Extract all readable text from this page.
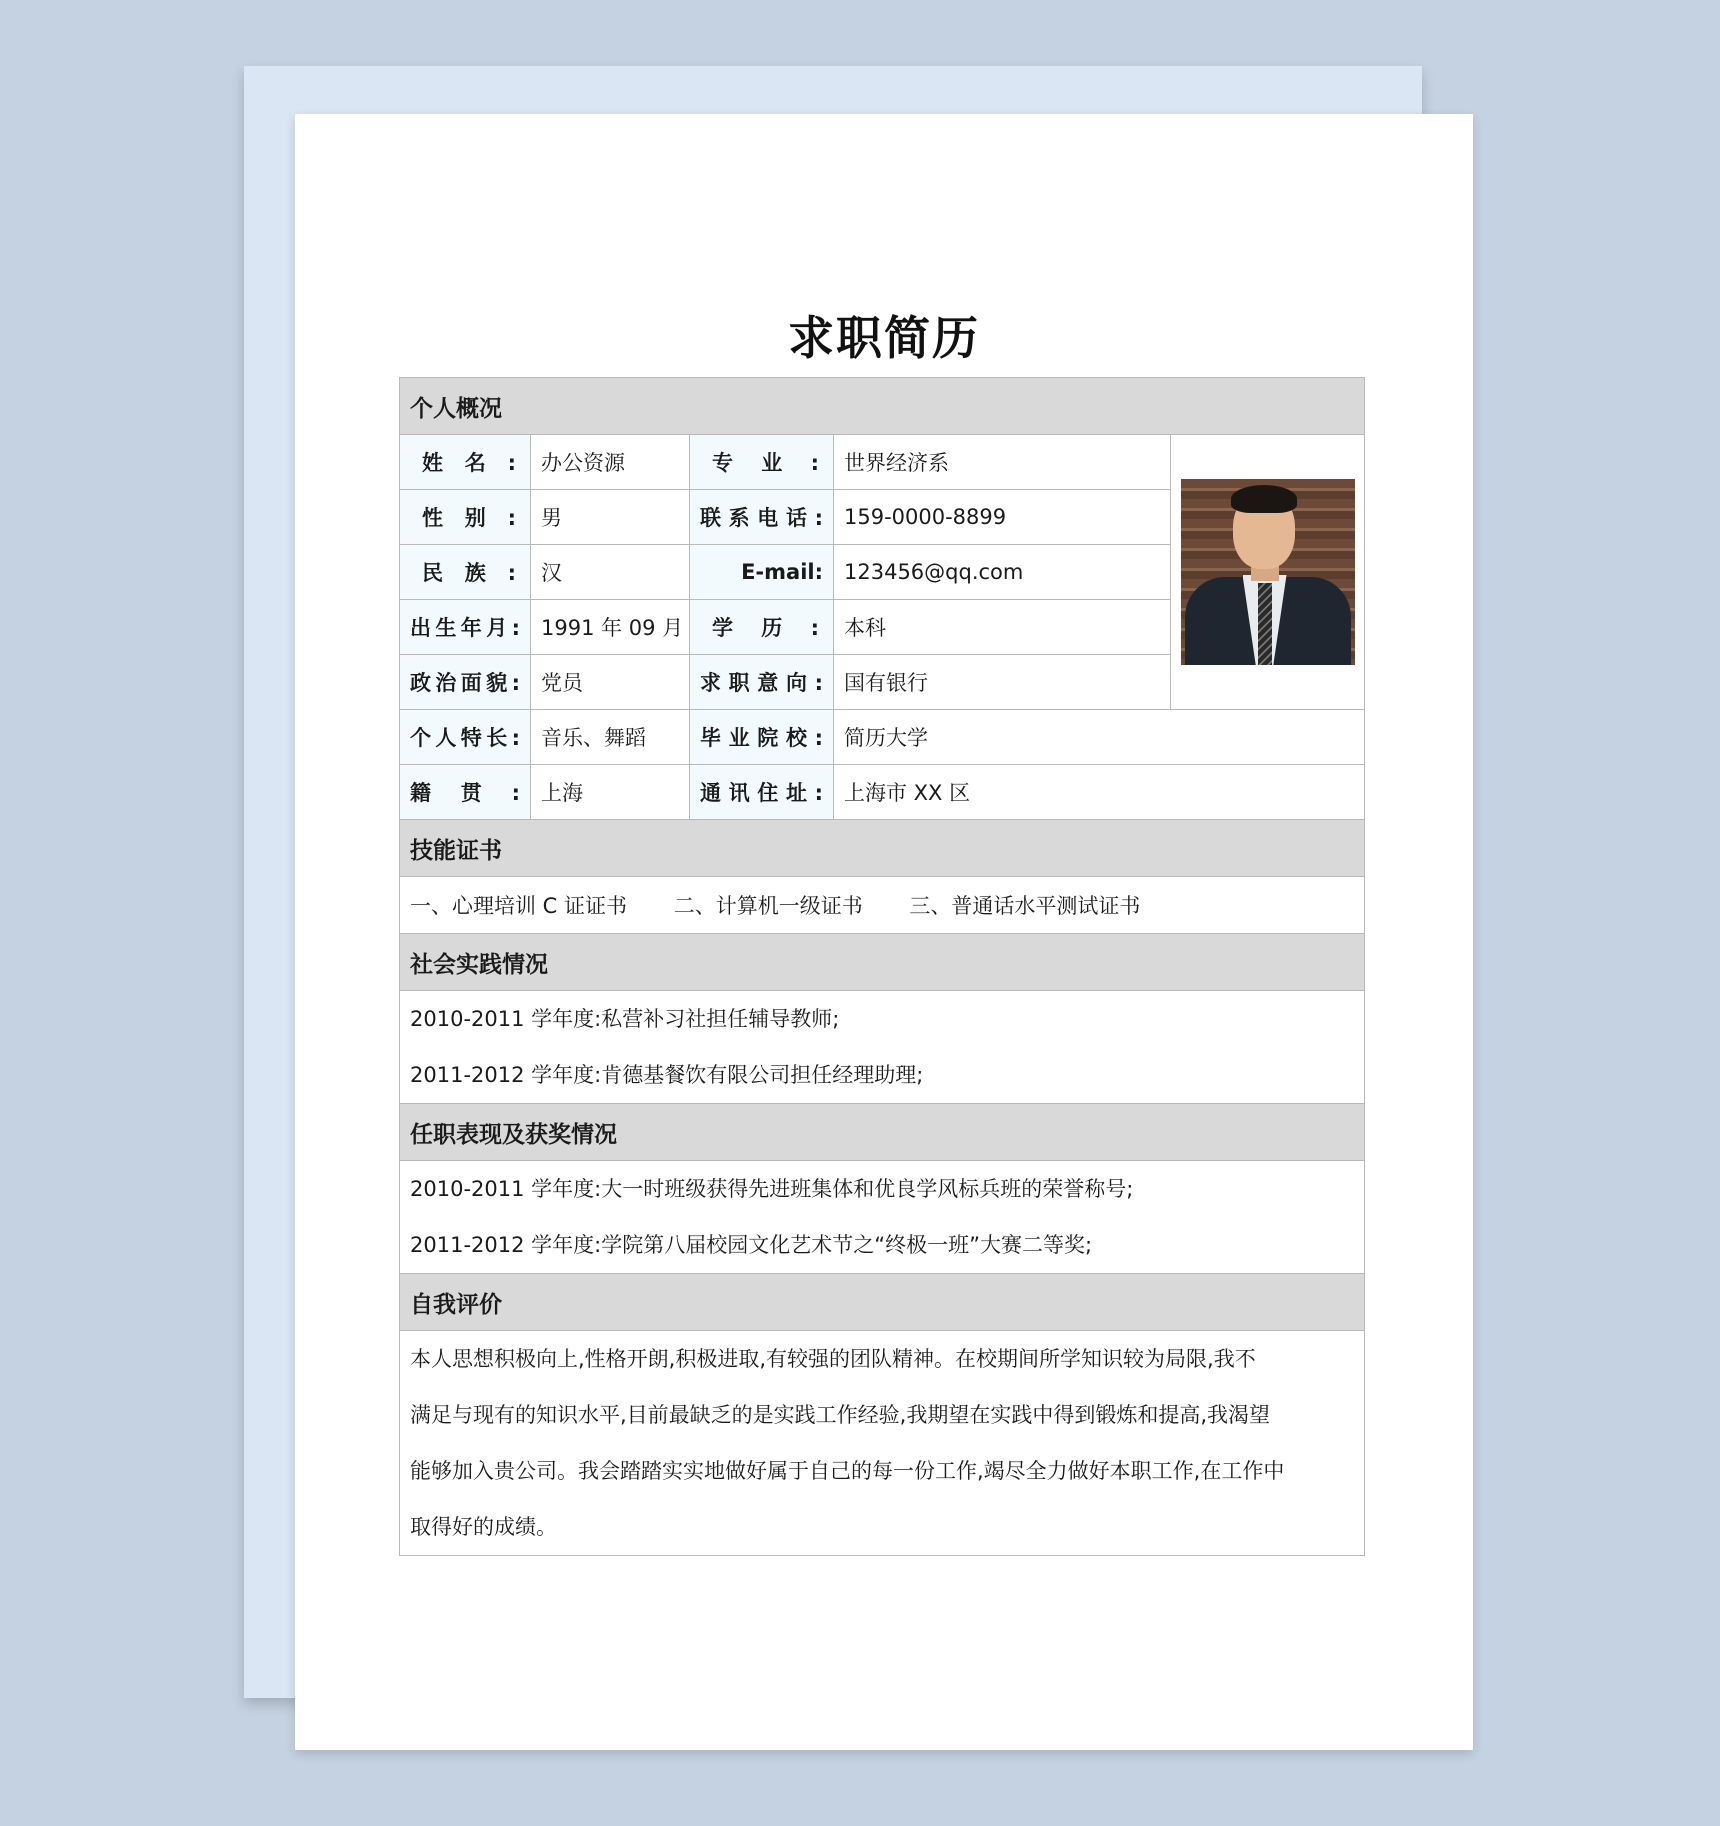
求职简历
个人概况				
姓名:	办公资源	专业:	世界经济系	

性别:	男	联系电话:	159-0000-8899	
民族:	汉	E-mail:	123456@qq.com	
出生年月:	1991 年 09 月	学历:	本科	
政治面貌:	党员	求职意向:	国有银行	
个人特长:	音乐、舞蹈	毕业院校:	简历大学	
籍贯:	上海	通讯住址:	上海市 XX 区	
技能证书				
一、心理培训 C 证证书 二、计算机一级证书 三、普通话水平测试证书				
社会实践情况				

2010-2011 学年度:私营补习社担任辅导教师;
2011-2012 学年度:肯德基餐饮有限公司担任经理助理;				

任职表现及获奖情况				

2010-2011 学年度:大一时班级获得先进班集体和优良学风标兵班的荣誉称号;
2011-2012 学年度:学院第八届校园文化艺术节之“终极一班”大赛二等奖;				

自我评价				

本人思想积极向上,性格开朗,积极进取,有较强的团队精神。在校期间所学知识较为局限,我不
满足与现有的知识水平,目前最缺乏的是实践工作经验,我期望在实践中得到锻炼和提高,我渴望
能够加入贵公司。我会踏踏实实地做好属于自己的每一份工作,竭尽全力做好本职工作,在工作中
取得好的成绩。				
